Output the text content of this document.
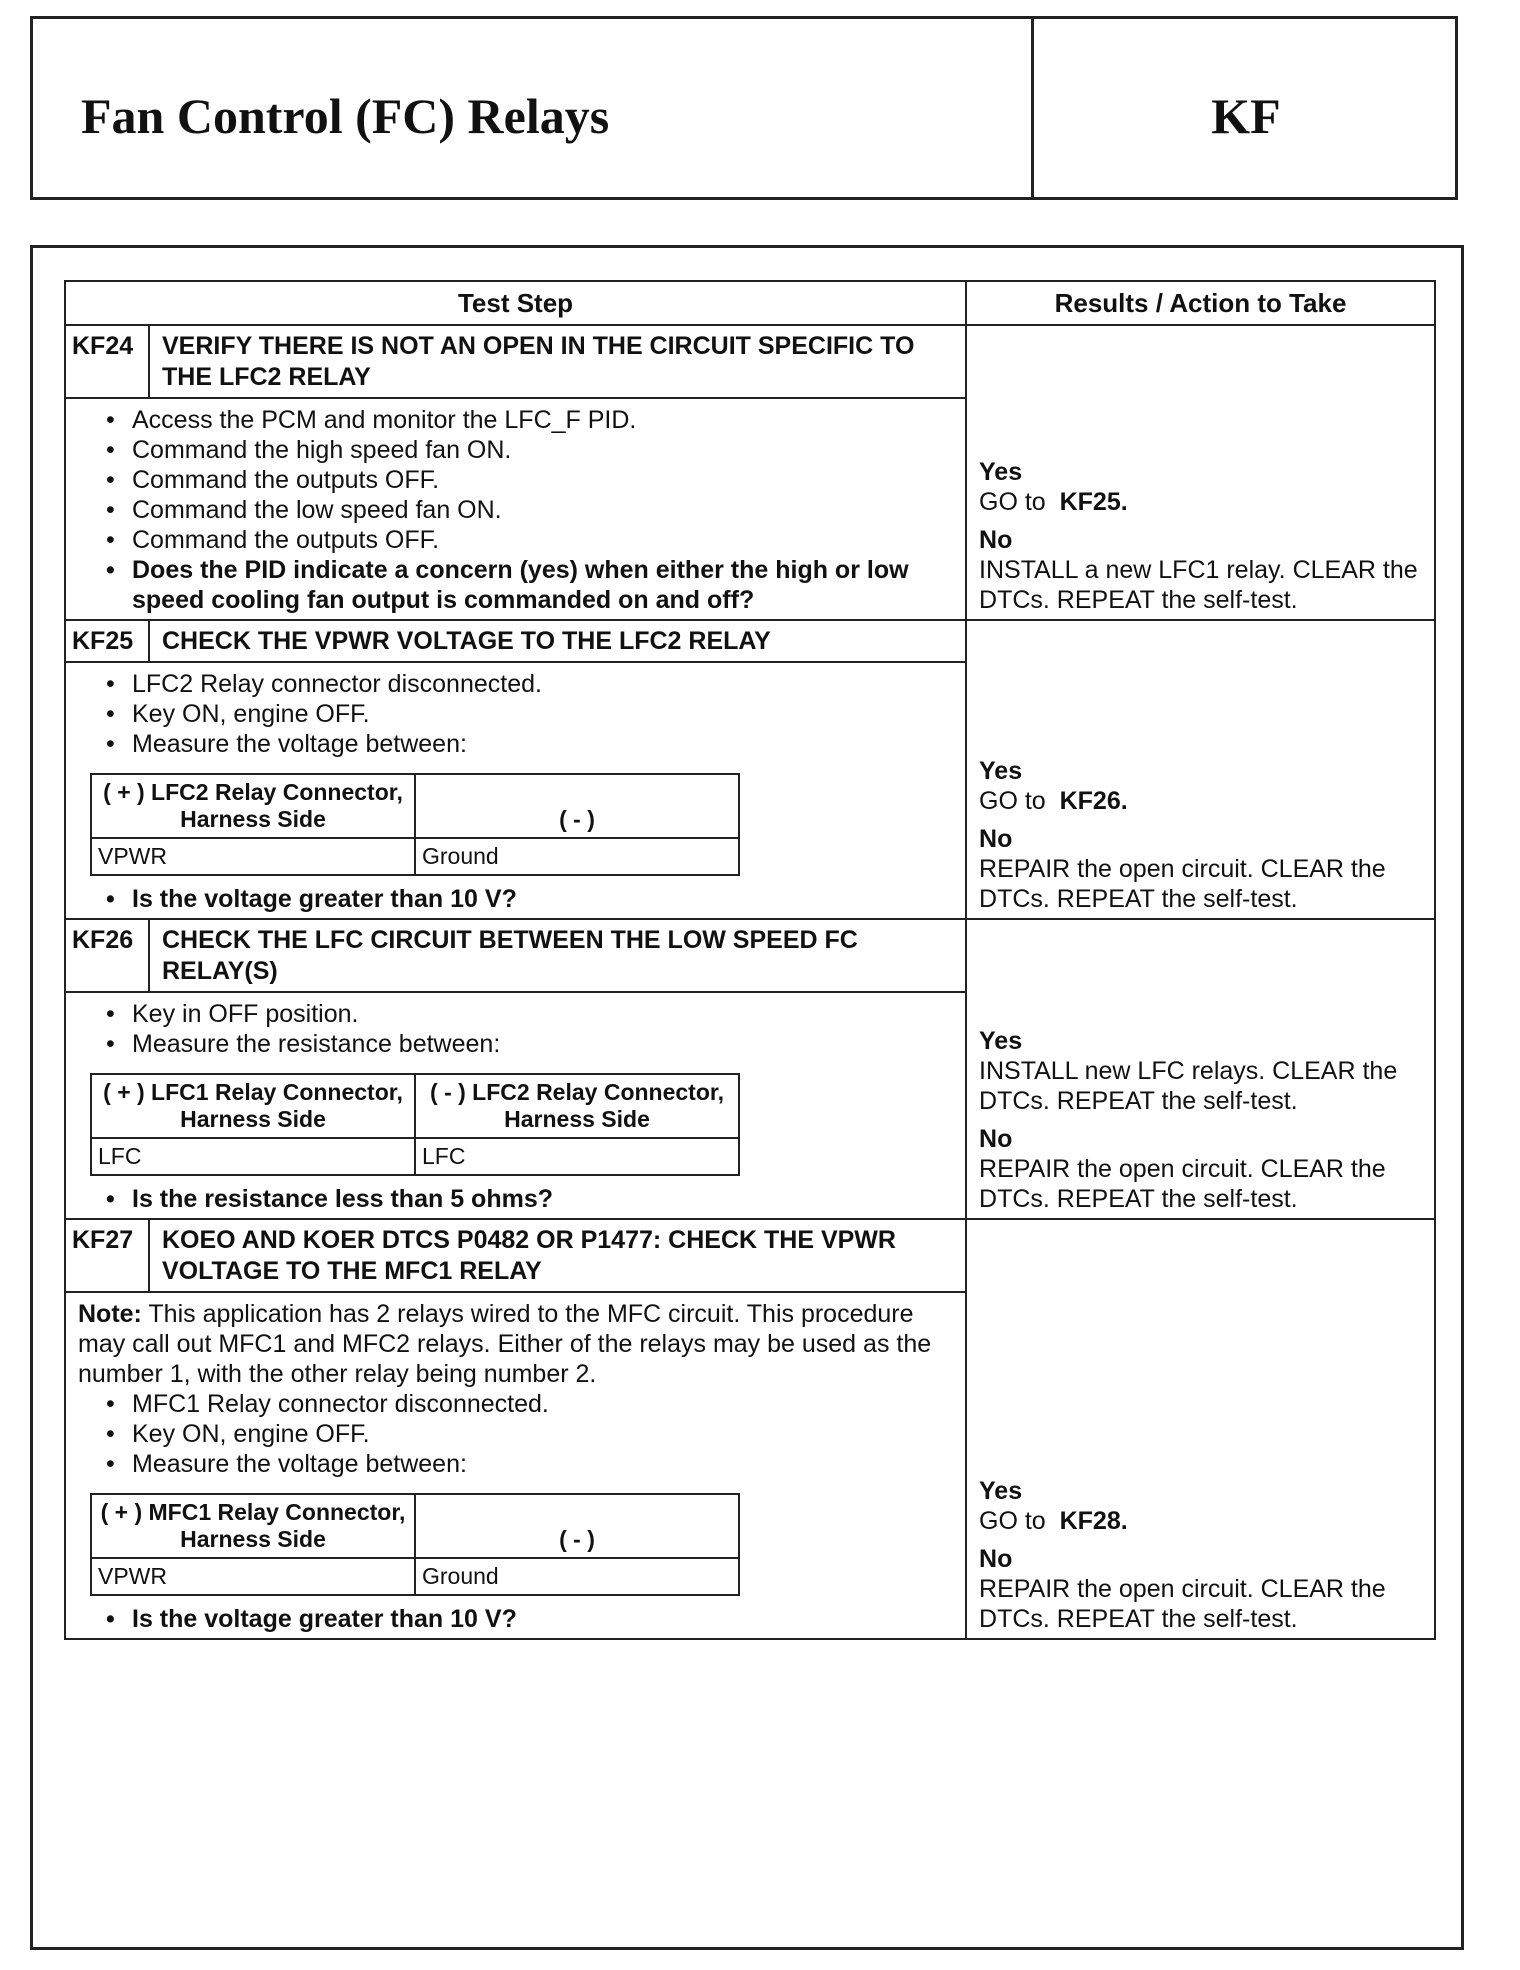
Fan Control (FC) Relays	KF
Test Step	Results / Action to Take
KF24	VERIFY THERE IS NOT AN OPEN IN THE CIRCUIT SPECIFIC TO THE LFC2 RELAY	
Yes
GO to KF25.
No
INSTALL a new LFC1 relay. CLEAR the DTCs. REPEAT the self-test.

• Access the PCM and monitor the LFC_F PID.
• Command the high speed fan ON.
• Command the outputs OFF.
• Command the low speed fan ON.
• Command the outputs OFF.
• Does the PID indicate a concern (yes) when either the high or low speed cooling fan output is commanded on and off?

KF25	CHECK THE VPWR VOLTAGE TO THE LFC2 RELAY	
Yes
GO to KF26.
No
REPAIR the open circuit. CLEAR the DTCs. REPEAT the self-test.

• LFC2 Relay connector disconnected.
• Key ON, engine OFF.
• Measure the voltage between:
( + ) LFC2 Relay Connector, Harness Side	( - )
VPWR	Ground
• Is the voltage greater than 10 V?

KF26	CHECK THE LFC CIRCUIT BETWEEN THE LOW SPEED FC RELAY(S)	
Yes
INSTALL new LFC relays. CLEAR the DTCs. REPEAT the self-test.
No
REPAIR the open circuit. CLEAR the DTCs. REPEAT the self-test.

• Key in OFF position.
• Measure the resistance between:
( + ) LFC1 Relay Connector, Harness Side	( - ) LFC2 Relay Connector, Harness Side
LFC	LFC
• Is the resistance less than 5 ohms?

KF27	KOEO AND KOER DTCS P0482 OR P1477: CHECK THE VPWR VOLTAGE TO THE MFC1 RELAY	
Yes
GO to KF28.
No
REPAIR the open circuit. CLEAR the DTCs. REPEAT the self-test.

Note: This application has 2 relays wired to the MFC circuit. This procedure may call out MFC1 and MFC2 relays. Either of the relays may be used as the number 1, with the other relay being number 2.
• MFC1 Relay connector disconnected.
• Key ON, engine OFF.
• Measure the voltage between:
( + ) MFC1 Relay Connector, Harness Side	( - )
VPWR	Ground
• Is the voltage greater than 10 V?
